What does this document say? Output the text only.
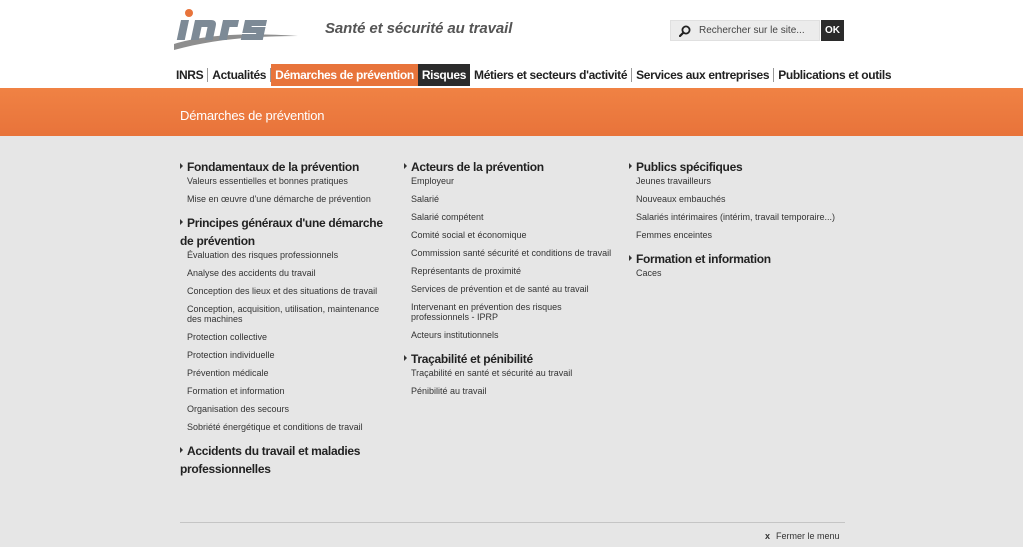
Santé et sécurité au travail
Rechercher sur le site...	OK
INRS Actualités Démarches de prévention Risques Métiers et secteurs d'activité Services aux entreprises Publications et outils
Démarches de prévention
Fondamentaux de la prévention
Valeurs essentielles et bonnes pratiques
Mise en œuvre d'une démarche de prévention
Principes généraux d'une démarche de prévention
Évaluation des risques professionnels
Analyse des accidents du travail
Conception des lieux et des situations de travail
Conception, acquisition, utilisation, maintenance des machines
Protection collective
Protection individuelle
Prévention médicale
Formation et information
Organisation des secours
Sobriété énergétique et conditions de travail
Accidents du travail et maladies professionnelles
Acteurs de la prévention
Employeur
Salarié
Salarié compétent
Comité social et économique
Commission santé sécurité et conditions de travail
Représentants de proximité
Services de prévention et de santé au travail
Intervenant en prévention des risques professionnels - IPRP
Acteurs institutionnels
Traçabilité et pénibilité
Traçabilité en santé et sécurité au travail
Pénibilité au travail
Publics spécifiques
Jeunes travailleurs
Nouveaux embauchés
Salariés intérimaires (intérim, travail temporaire...)
Femmes enceintes
Formation et information
Caces
x Fermer le menu
